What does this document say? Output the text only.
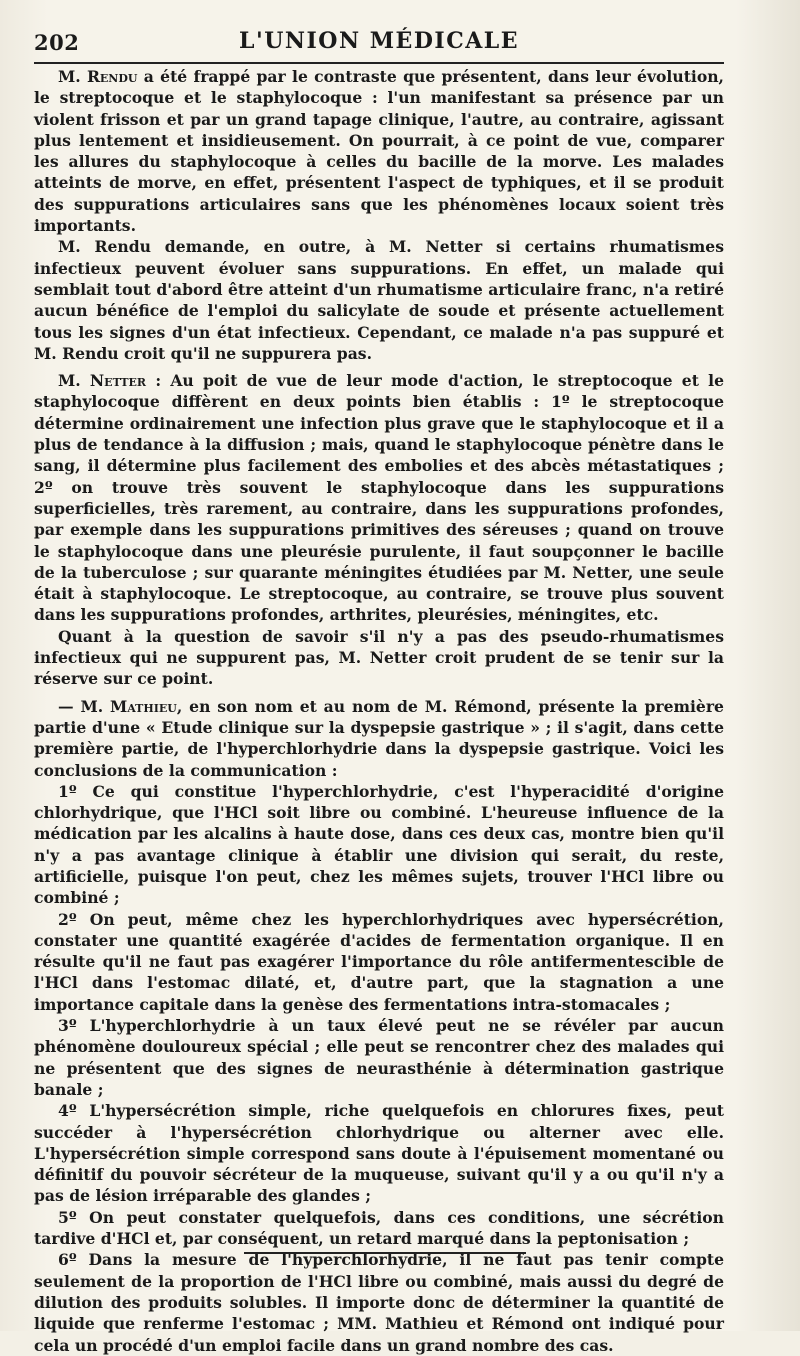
202	L'UNION MÉDICALE

M. Rendu a été frappé par le contraste que présentent, dans leur évolution, le streptocoque et le staphylocoque : l'un manifestant sa présence par un violent frisson et par un grand tapage clinique, l'autre, au contraire, agissant plus lentement et insidieusement. On pourrait, à ce point de vue, comparer les allures du staphylocoque à celles du bacille de la morve. Les malades atteints de morve, en effet, présentent l'aspect de typhiques, et il se produit des suppurations articulaires sans que les phénomènes locaux soient très importants.

M. Rendu demande, en outre, à M. Netter si certains rhumatismes infectieux peuvent évoluer sans suppurations. En effet, un malade qui semblait tout d'abord être atteint d'un rhumatisme articulaire franc, n'a retiré aucun bénéfice de l'emploi du salicylate de soude et présente actuellement tous les signes d'un état infectieux. Cependant, ce malade n'a pas suppuré et M. Rendu croit qu'il ne suppurera pas.

M. Netter : Au poit de vue de leur mode d'action, le streptocoque et le staphylocoque diffèrent en deux points bien établis : 1º le streptocoque détermine ordinairement une infection plus grave que le staphylocoque et il a plus de tendance à la diffusion ; mais, quand le staphylocoque pénètre dans le sang, il détermine plus facilement des embolies et des abcès métastatiques ; 2º on trouve très souvent le staphylocoque dans les suppurations superficielles, très rarement, au contraire, dans les suppurations profondes, par exemple dans les suppurations primitives des séreuses ; quand on trouve le staphylocoque dans une pleurésie purulente, il faut soupçonner le bacille de la tuberculose ; sur quarante méningites étudiées par M. Netter, une seule était à staphylocoque. Le streptocoque, au contraire, se trouve plus souvent dans les suppurations profondes, arthrites, pleurésies, méningites, etc.

Quant à la question de savoir s'il n'y a pas des pseudo-rhumatismes infectieux qui ne suppurent pas, M. Netter croit prudent de se tenir sur la réserve sur ce point.

— M. Mathieu, en son nom et au nom de M. Rémond, présente la première partie d'une « Etude clinique sur la dyspepsie gastrique » ; il s'agit, dans cette première partie, de l'hyperchlorhydrie dans la dyspepsie gastrique. Voici les conclusions de la communication :

1º Ce qui constitue l'hyperchlorhydrie, c'est l'hyperacidité d'origine chlorhydrique, que l'HCl soit libre ou combiné. L'heureuse influence de la médication par les alcalins à haute dose, dans ces deux cas, montre bien qu'il n'y a pas avantage clinique à établir une division qui serait, du reste, artificielle, puisque l'on peut, chez les mêmes sujets, trouver l'HCl libre ou combiné ;

2º On peut, même chez les hyperchlorhydriques avec hypersécrétion, constater une quantité exagérée d'acides de fermentation organique. Il en résulte qu'il ne faut pas exagérer l'importance du rôle antifermentescible de l'HCl dans l'estomac dilaté, et, d'autre part, que la stagnation a une importance capitale dans la genèse des fermentations intra-stomacales ;

3º L'hyperchlorhydrie à un taux élevé peut ne se révéler par aucun phénomène douloureux spécial ; elle peut se rencontrer chez des malades qui ne présentent que des signes de neurasthénie à détermination gastrique banale ;

4º L'hypersécrétion simple, riche quelquefois en chlorures fixes, peut succéder à l'hypersécrétion chlorhydrique ou alterner avec elle. L'hypersécrétion simple correspond sans doute à l'épuisement momentané ou définitif du pouvoir sécréteur de la muqueuse, suivant qu'il y a ou qu'il n'y a pas de lésion irréparable des glandes ;

5º On peut constater quelquefois, dans ces conditions, une sécrétion tardive d'HCl et, par conséquent, un retard marqué dans la peptonisation ;

6º Dans la mesure de l'hyperchlorhydrie, il ne faut pas tenir compte seulement de la proportion de l'HCl libre ou combiné, mais aussi du degré de dilution des produits solubles. Il importe donc de déterminer la quantité de liquide que renferme l'estomac ; MM. Mathieu et Rémond ont indiqué pour cela un procédé d'un emploi facile dans un grand nombre des cas.
